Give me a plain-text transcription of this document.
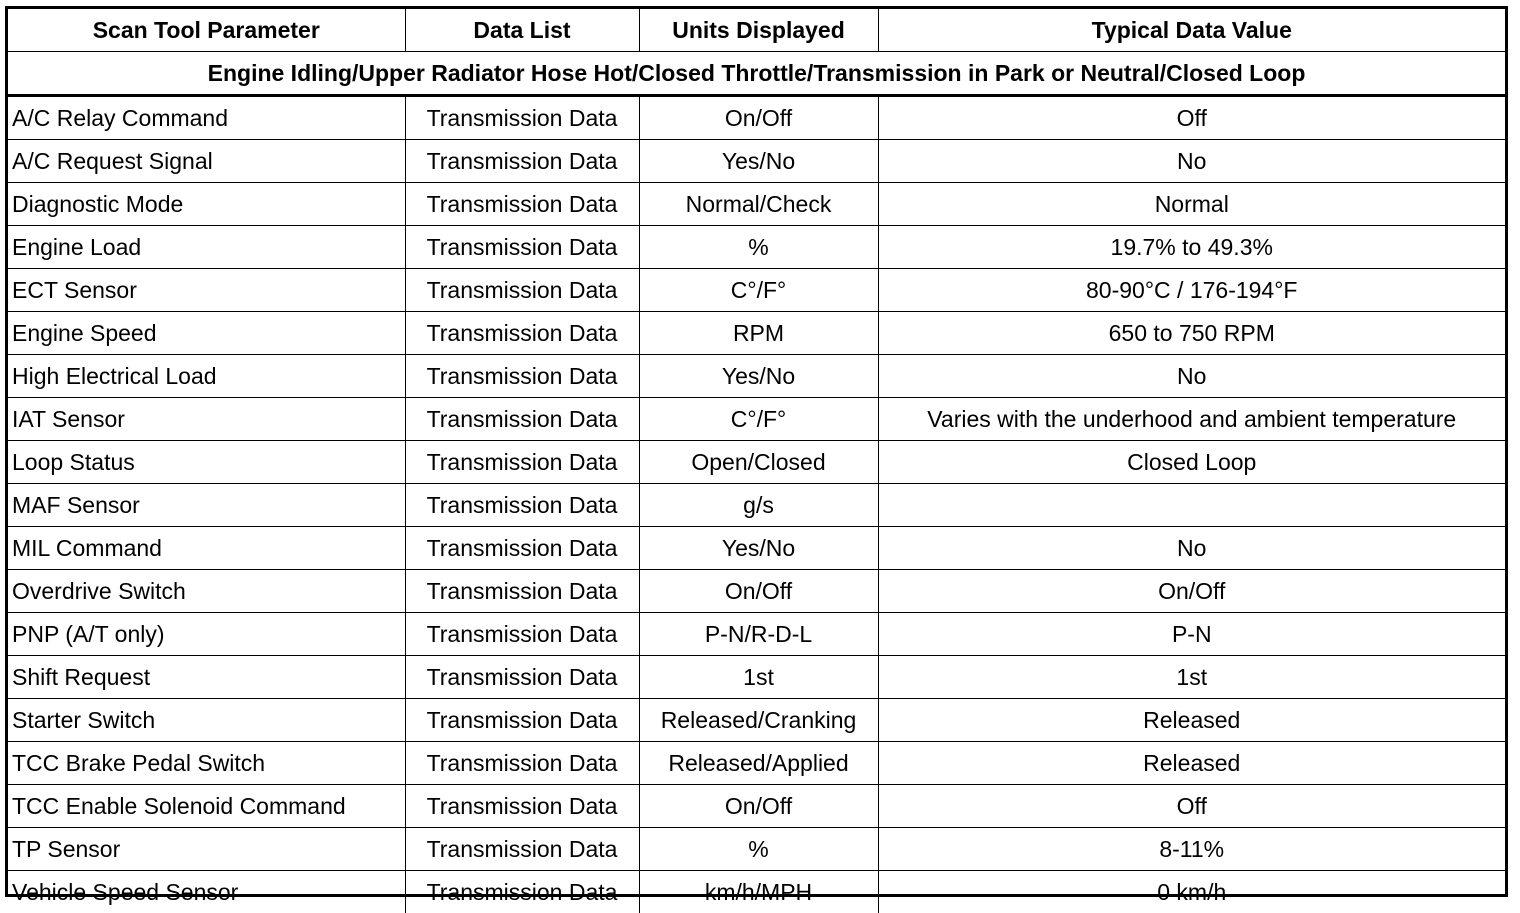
Scan Tool Parameter	Data List	Units Displayed	Typical Data Value
Engine Idling/Upper Radiator Hose Hot/Closed Throttle/Transmission in Park or Neutral/Closed Loop			
A/C Relay Command	Transmission Data	On/Off	Off
A/C Request Signal	Transmission Data	Yes/No	No
Diagnostic Mode	Transmission Data	Normal/Check	Normal
Engine Load	Transmission Data	%	19.7% to 49.3%
ECT Sensor	Transmission Data	C°/F°	80-90°C / 176-194°F
Engine Speed	Transmission Data	RPM	650 to 750 RPM
High Electrical Load	Transmission Data	Yes/No	No
IAT Sensor	Transmission Data	C°/F°	Varies with the underhood and ambient temperature
Loop Status	Transmission Data	Open/Closed	Closed Loop
MAF Sensor	Transmission Data	g/s	
MIL Command	Transmission Data	Yes/No	No
Overdrive Switch	Transmission Data	On/Off	On/Off
PNP (A/T only)	Transmission Data	P-N/R-D-L	P-N
Shift Request	Transmission Data	1st	1st
Starter Switch	Transmission Data	Released/Cranking	Released
TCC Brake Pedal Switch	Transmission Data	Released/Applied	Released
TCC Enable Solenoid Command	Transmission Data	On/Off	Off
TP Sensor	Transmission Data	%	8-11%
Vehicle Speed Sensor	Transmission Data	km/h/MPH	0 km/h
